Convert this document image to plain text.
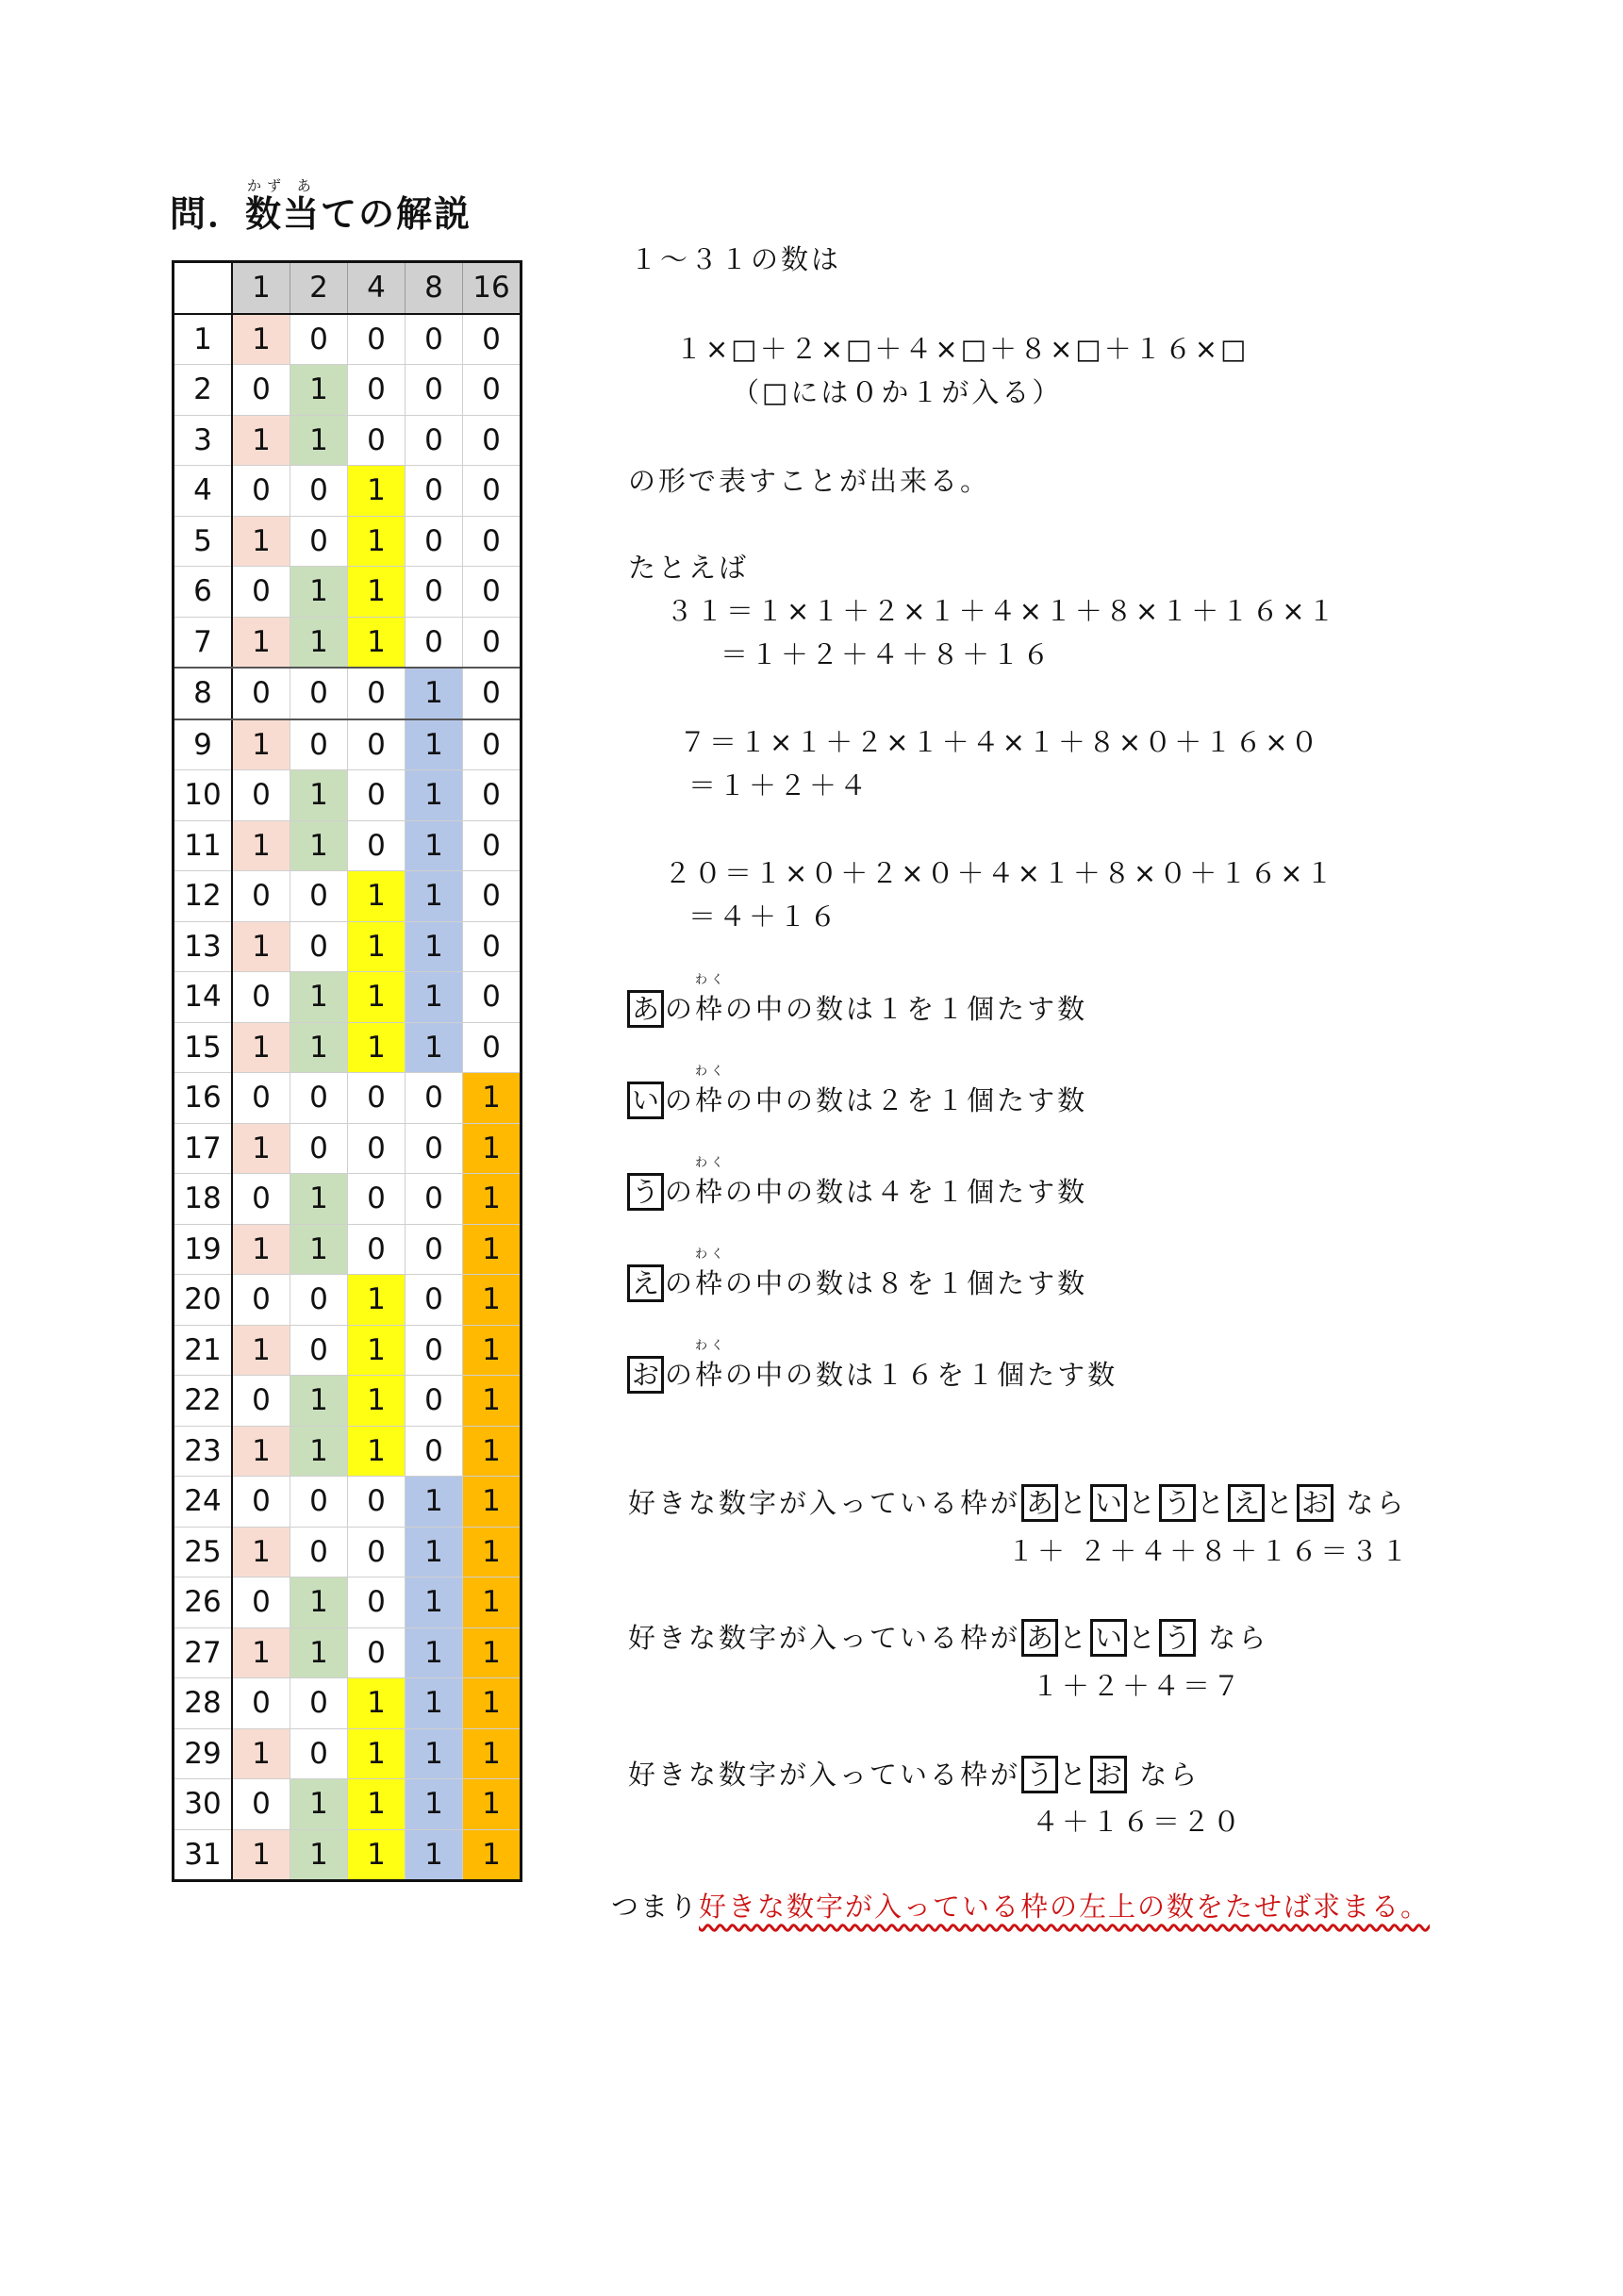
かず あ
問．数当ての解説
	1	2	4	8	16
1	1	0	0	0	0
2	0	1	0	0	0
3	1	1	0	0	0
4	0	0	1	0	0
5	1	0	1	0	0
6	0	1	1	0	0
7	1	1	1	0	0
8	0	0	0	1	0
9	1	0	0	1	0
10	0	1	0	1	0
11	1	1	0	1	0
12	0	0	1	1	0
13	1	0	1	1	0
14	0	1	1	1	0
15	1	1	1	1	0
16	0	0	0	0	1
17	1	0	0	0	1
18	0	1	0	0	1
19	1	1	0	0	1
20	0	0	1	0	1
21	1	0	1	0	1
22	0	1	1	0	1
23	1	1	1	0	1
24	0	0	0	1	1
25	1	0	0	1	1
26	0	1	0	1	1
27	1	1	0	1	1
28	0	0	1	1	1
29	1	0	1	1	1
30	0	1	1	1	1
31	1	1	1	1	1
１～３１の数は
１×□＋２×□＋４×□＋８×□＋１６×□
（□には０か１が入る）
の形で表すことが出来る。
たとえば
３１＝１×１＋２×１＋４×１＋８×１＋１６×１
＝１＋２＋４＋８＋１６
７＝１×１＋２×１＋４×１＋８×０＋１６×０
＝１＋２＋４
２０＝１×０＋２×０＋４×１＋８×０＋１６×１
＝４＋１６
あ の
わく
枠の中の数は１を１個たす数
い の
わく
枠の中の数は２を１個たす数
う の
わく
枠の中の数は４を１個たす数
え の
わく
枠の中の数は８を１個たす数
お の
わく
枠の中の数は１６を１個たす数
好きな数字が入っている枠が あ と い と う と え と お なら
１＋ ２＋４＋８＋１６＝３１
好きな数字が入っている枠が あ と い と う なら
１＋２＋４＝７
好きな数字が入っている枠が う と お なら
４＋１６＝２０
つまり好きな数字が入っている枠の左上の数をたせば求まる。
